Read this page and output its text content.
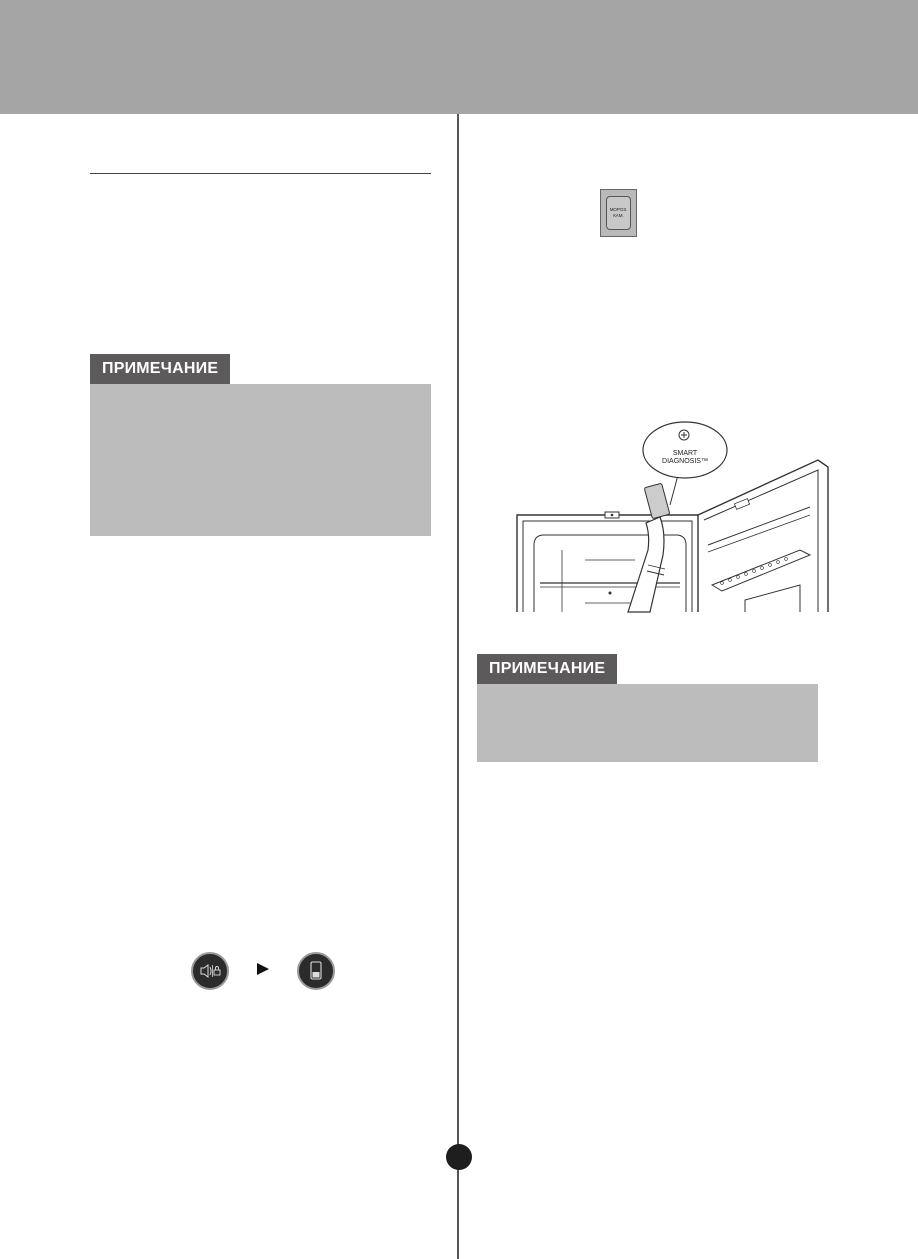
ПРИМЕЧАНИЕ
МОРОЗ.
КАМ.
SMART
DIAGNOSIS™
ПРИМЕЧАНИЕ
